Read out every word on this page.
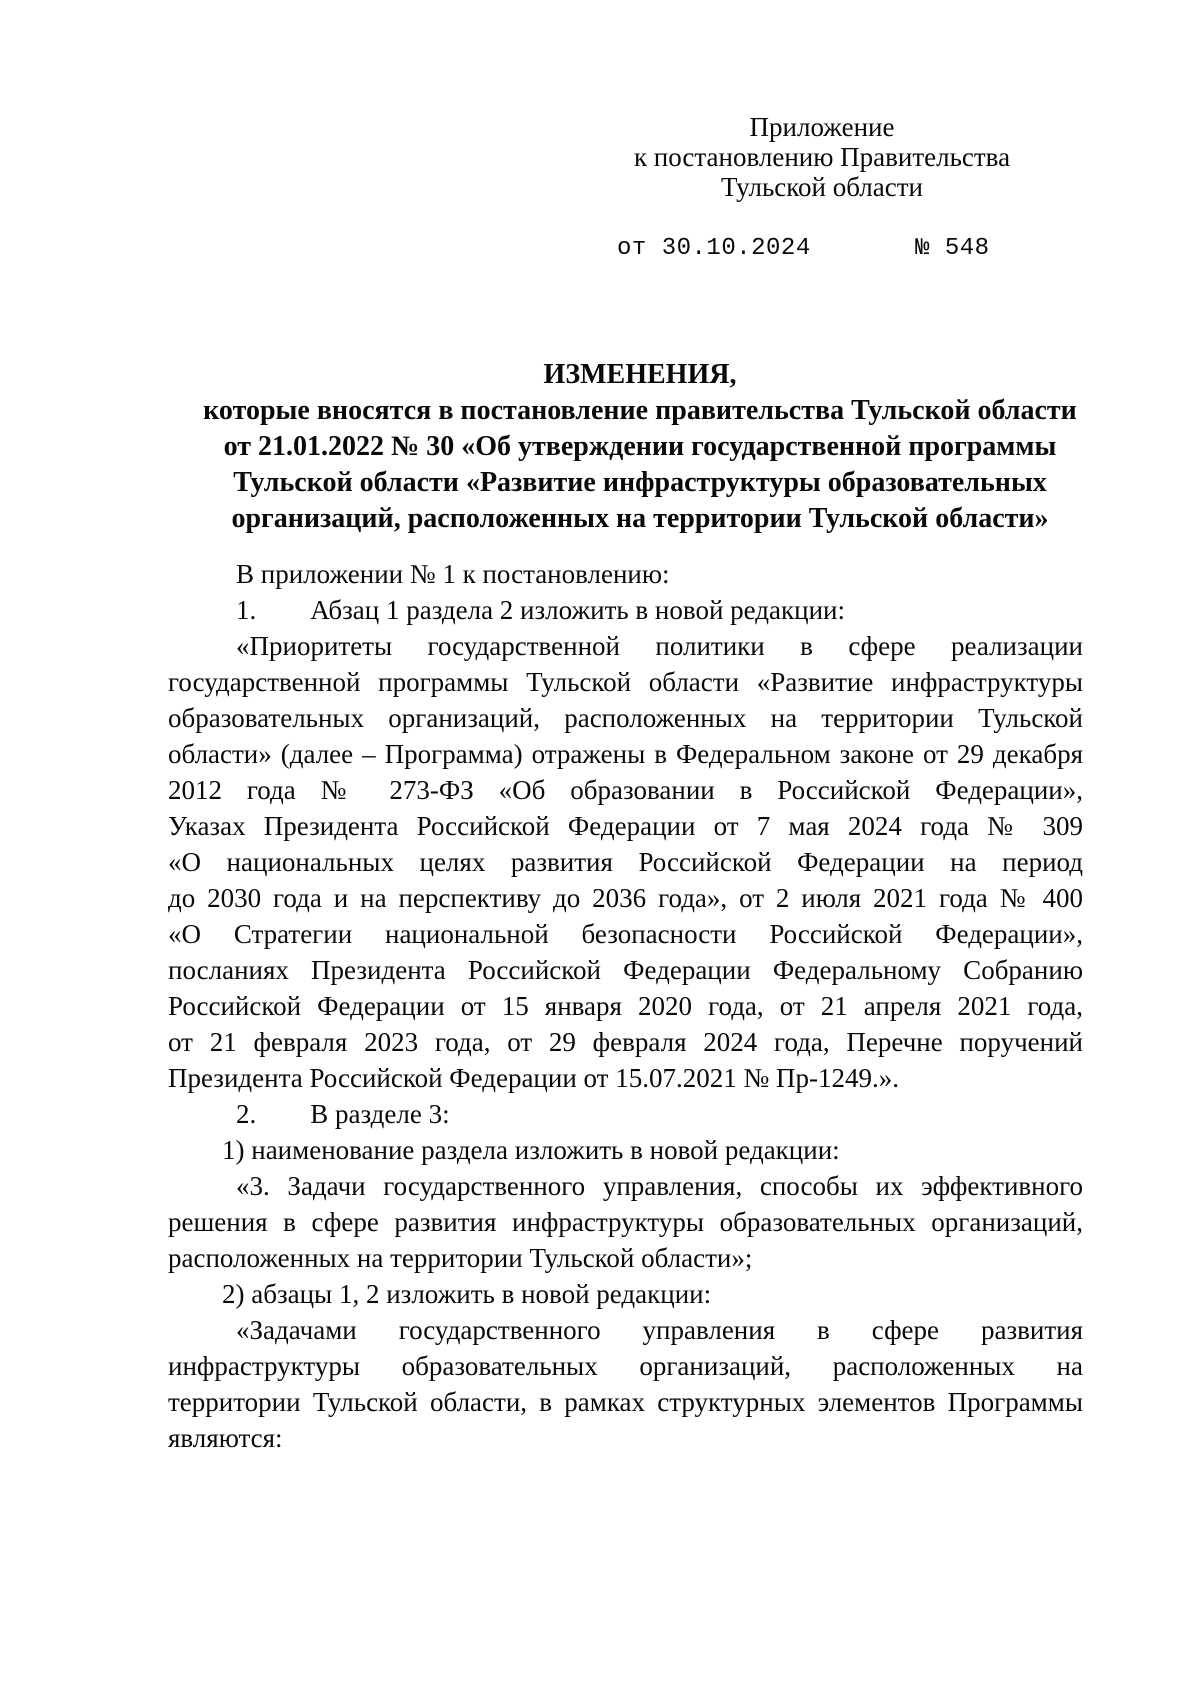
Приложение
к постановлению Правительства
Тульской области
от 30.10.2024       № 548
ИЗМЕНЕНИЯ,
которые вносятся в постановление правительства Тульской области
от 21.01.2022 № 30 «Об утверждении государственной программы
Тульской области «Развитие инфраструктуры образовательных
организаций, расположенных на территории Тульской области»
В приложении № 1 к постановлению:
1.        Абзац 1 раздела 2 изложить в новой редакции:
«Приоритеты государственной политики в сфере реализации
государственной программы Тульской области «Развитие инфраструктуры
образовательных организаций, расположенных на территории Тульской
области» (далее – Программа) отражены в Федеральном законе от 29 декабря
2012 года № 273-ФЗ «Об образовании в Российской Федерации»,
Указах Президента Российской Федерации от 7 мая 2024 года № 309
«О национальных целях развития Российской Федерации на период
до 2030 года и на перспективу до 2036 года», от 2 июля 2021 года № 400
«О Стратегии национальной безопасности Российской Федерации»,
посланиях Президента Российской Федерации Федеральному Собранию
Российской Федерации от 15 января 2020 года, от 21 апреля 2021 года,
от 21 февраля 2023 года, от 29 февраля 2024 года, Перечне поручений
Президента Российской Федерации от 15.07.2021 № Пр-1249.».
2.        В разделе 3:
1) наименование раздела изложить в новой редакции:
«3. Задачи государственного управления, способы их эффективного
решения в сфере развития инфраструктуры образовательных организаций,
расположенных на территории Тульской области»;
2) абзацы 1, 2 изложить в новой редакции:
«Задачами государственного управления в сфере развития
инфраструктуры образовательных организаций, расположенных на
территории Тульской области, в рамках структурных элементов Программы
являются:
